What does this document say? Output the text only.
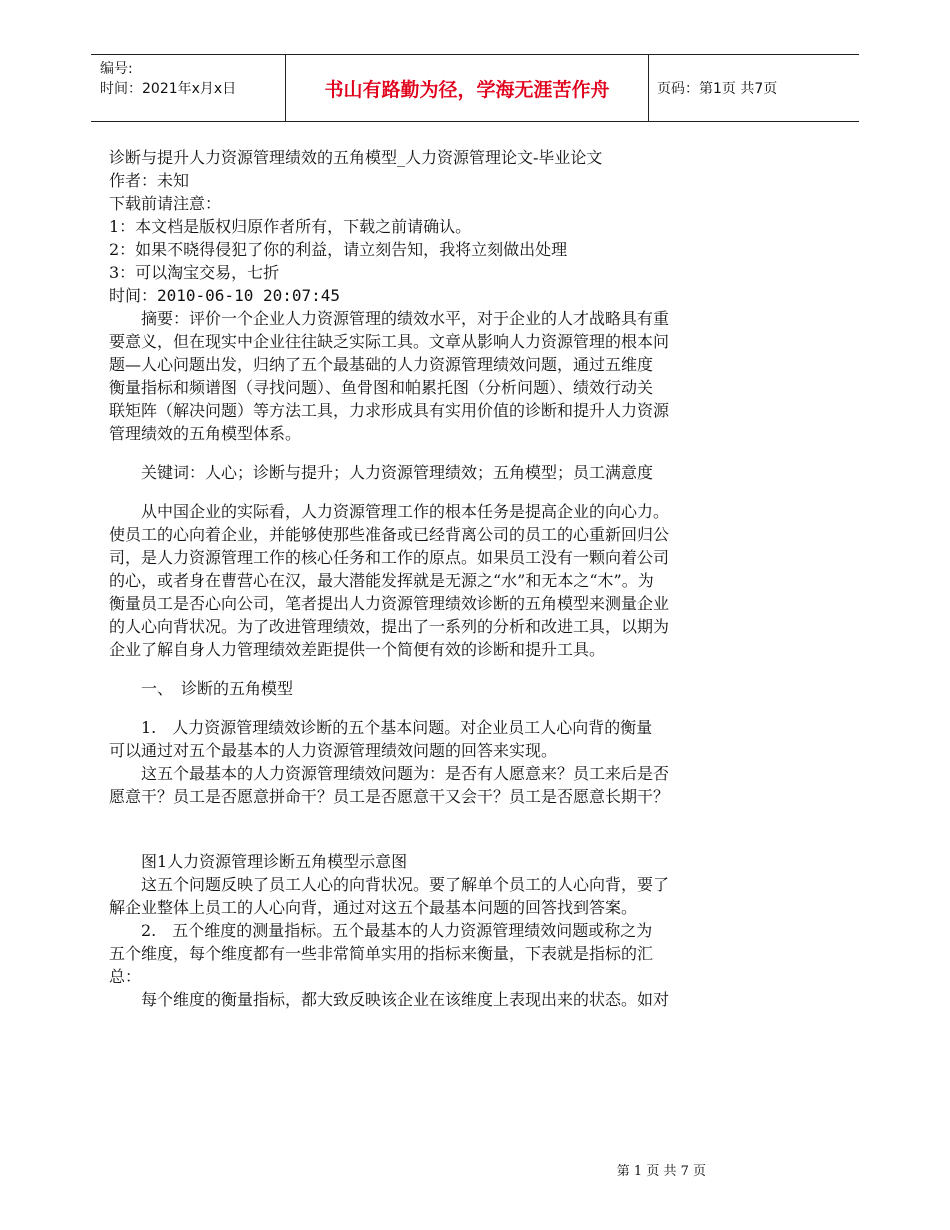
编号:
时间：2021年x月x日	书山有路勤为径，学海无涯苦作舟	页码：第1页 共7页
诊断与提升人力资源管理绩效的五角模型_人力资源管理论文-毕业论文
作者：未知
下载前请注意：
1：本文档是版权归原作者所有，下载之前请确认。
2：如果不晓得侵犯了你的利益，请立刻告知，我将立刻做出处理
3：可以淘宝交易，七折
时间：2010-06-10 20:07:45
　　摘要：评价一个企业人力资源管理的绩效水平，对于企业的人才战略具有重
要意义，但在现实中企业往往缺乏实际工具。文章从影响人力资源管理的根本问
题—人心问题出发，归纳了五个最基础的人力资源管理绩效问题，通过五维度
衡量指标和频谱图（寻找问题）、鱼骨图和帕累托图（分析问题）、绩效行动关
联矩阵（解决问题）等方法工具，力求形成具有实用价值的诊断和提升人力资源
管理绩效的五角模型体系。
　　关键词：人心；诊断与提升；人力资源管理绩效；五角模型；员工满意度
　　从中国企业的实际看，人力资源管理工作的根本任务是提高企业的向心力。
使员工的心向着企业，并能够使那些准备或已经背离公司的员工的心重新回归公
司，是人力资源管理工作的核心任务和工作的原点。如果员工没有一颗向着公司
的心，或者身在曹营心在汉，最大潜能发挥就是无源之“水”和无本之“木”。为
衡量员工是否心向公司，笔者提出人力资源管理绩效诊断的五角模型来测量企业
的人心向背状况。为了改进管理绩效，提出了一系列的分析和改进工具，以期为
企业了解自身人力管理绩效差距提供一个简便有效的诊断和提升工具。
　　一、　诊断的五角模型
　　1.　人力资源管理绩效诊断的五个基本问题。对企业员工人心向背的衡量
可以通过对五个最基本的人力资源管理绩效问题的回答来实现。
　　这五个最基本的人力资源管理绩效问题为：是否有人愿意来？员工来后是否
愿意干？员工是否愿意拼命干？员工是否愿意干又会干？员工是否愿意长期干？
　　图1人力资源管理诊断五角模型示意图
　　这五个问题反映了员工人心的向背状况。要了解单个员工的人心向背，要了
解企业整体上员工的人心向背，通过对这五个最基本问题的回答找到答案。
　　2.　五个维度的测量指标。五个最基本的人力资源管理绩效问题或称之为
五个维度，每个维度都有一些非常简单实用的指标来衡量，下表就是指标的汇
总：
　　每个维度的衡量指标，都大致反映该企业在该维度上表现出来的状态。如对
第 1 页 共 7 页
